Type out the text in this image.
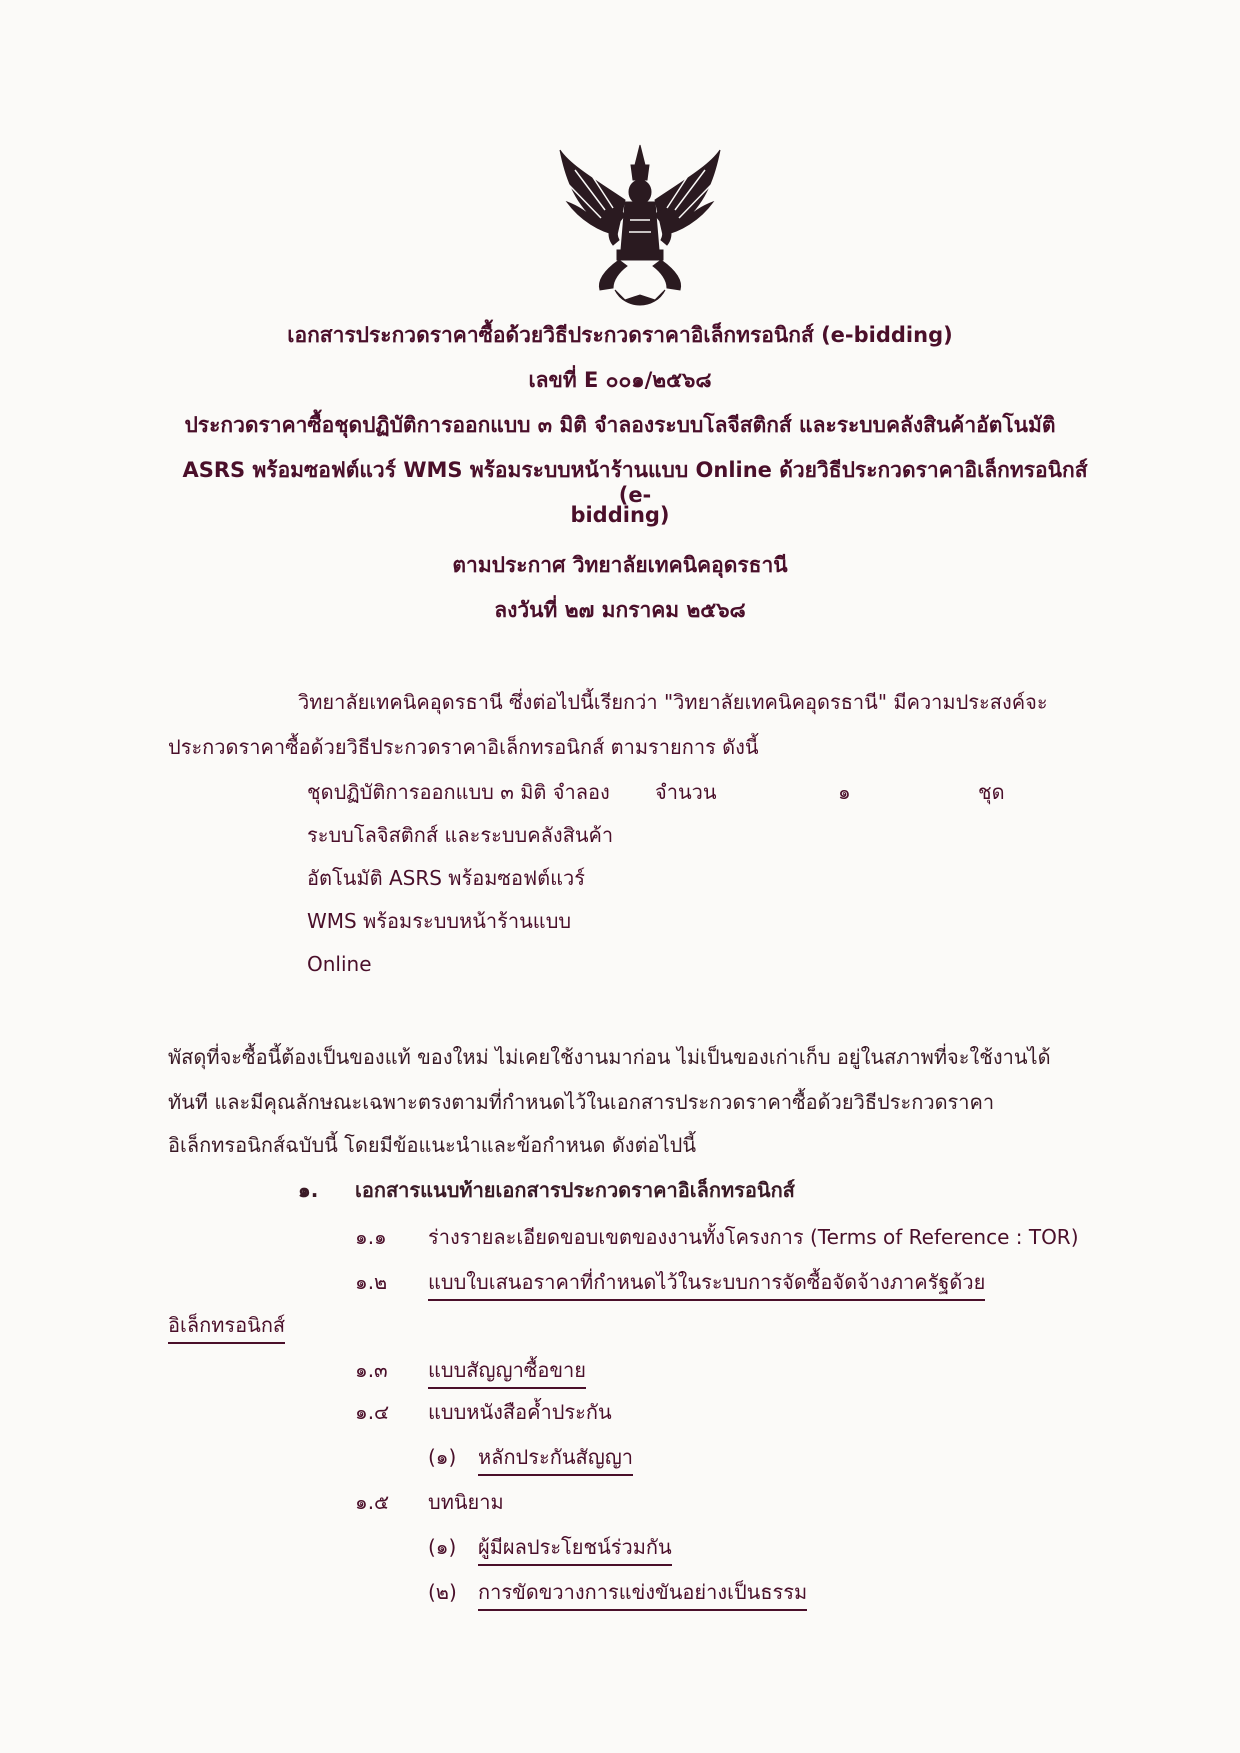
เอกสารประกวดราคาซื้อด้วยวิธีประกวดราคาอิเล็กทรอนิกส์ (e-bidding)
เลขที่ E ๐๐๑/๒๕๖๘
ประกวดราคาซื้อชุดปฏิบัติการออกแบบ ๓ มิติ จำลองระบบโลจีสติกส์ และระบบคลังสินค้าอัตโนมัติ
ASRS พร้อมซอฟต์แวร์ WMS พร้อมระบบหน้าร้านแบบ Online ด้วยวิธีประกวดราคาอิเล็กทรอนิกส์ (e-
bidding)
ตามประกาศ วิทยาลัยเทคนิคอุดรธานี
ลงวันที่ ๒๗ มกราคม ๒๕๖๘
วิทยาลัยเทคนิคอุดรธานี ซึ่งต่อไปนี้เรียกว่า "วิทยาลัยเทคนิคอุดรธานี" มีความประสงค์จะ
ประกวดราคาซื้อด้วยวิธีประกวดราคาอิเล็กทรอนิกส์ ตามรายการ ดังนี้
ชุดปฏิบัติการออกแบบ ๓ มิติ จำลอง
ระบบโลจิสติกส์ และระบบคลังสินค้า
อัตโนมัติ ASRS พร้อมซอฟต์แวร์
WMS พร้อมระบบหน้าร้านแบบ
Online
จำนวน	๑	ชุด
พัสดุที่จะซื้อนี้ต้องเป็นของแท้ ของใหม่ ไม่เคยใช้งานมาก่อน ไม่เป็นของเก่าเก็บ อยู่ในสภาพที่จะใช้งานได้
ทันที และมีคุณลักษณะเฉพาะตรงตามที่กำหนดไว้ในเอกสารประกวดราคาซื้อด้วยวิธีประกวดราคา
อิเล็กทรอนิกส์ฉบับนี้ โดยมีข้อแนะนำและข้อกำหนด ดังต่อไปนี้
๑. เอกสารแนบท้ายเอกสารประกวดราคาอิเล็กทรอนิกส์
๑.๑ ร่างรายละเอียดขอบเขตของงานทั้งโครงการ (Terms of Reference : TOR)
๑.๒ แบบใบเสนอราคาที่กำหนดไว้ในระบบการจัดซื้อจัดจ้างภาครัฐด้วย
อิเล็กทรอนิกส์
๑.๓ แบบสัญญาซื้อขาย
๑.๔ แบบหนังสือค้ำประกัน
(๑) หลักประกันสัญญา
๑.๕ บทนิยาม
(๑) ผู้มีผลประโยชน์ร่วมกัน
(๒) การขัดขวางการแข่งขันอย่างเป็นธรรม
